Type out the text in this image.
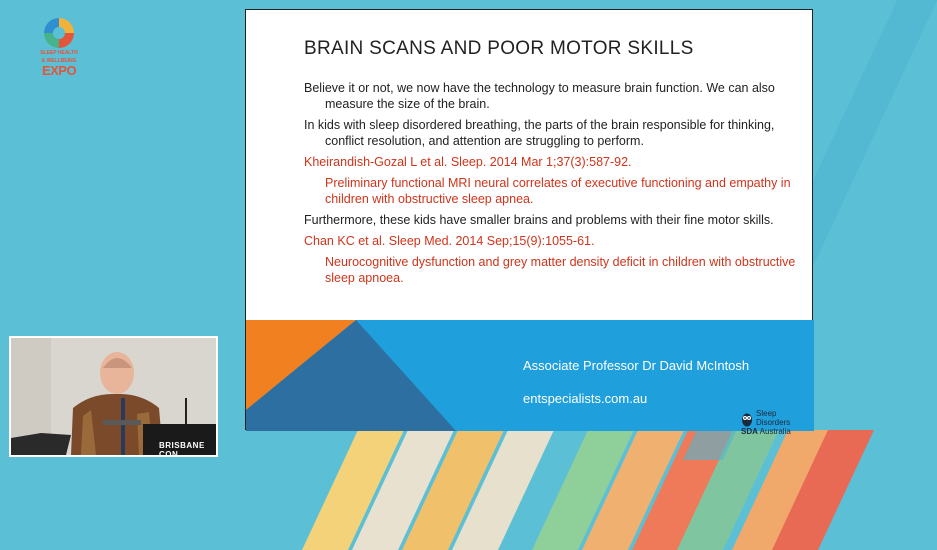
SLEEP HEALTH
& WELLBEING
EXPO
BRAIN SCANS AND POOR MOTOR SKILLS

Believe it or not, we now have the technology to measure brain function. We can also measure the size of the brain.

In kids with sleep disordered breathing, the parts of the brain responsible for thinking, conflict resolution, and attention are struggling to perform.

Kheirandish-Gozal L et al. Sleep. 2014 Mar 1;37(3):587-92.

Preliminary functional MRI neural correlates of executive functioning and empathy in children with obstructive sleep apnea.

Furthermore, these kids have smaller brains and problems with their fine motor skills.

Chan KC et al. Sleep Med. 2014 Sep;15(9):1055-61.

Neurocognitive dysfunction and grey matter density deficit in children with obstructive sleep apnoea.

Associate Professor Dr David McIntosh
entspecialists.com.au
Sleep
Disorders
SDA Australia
BRISBANE CON
